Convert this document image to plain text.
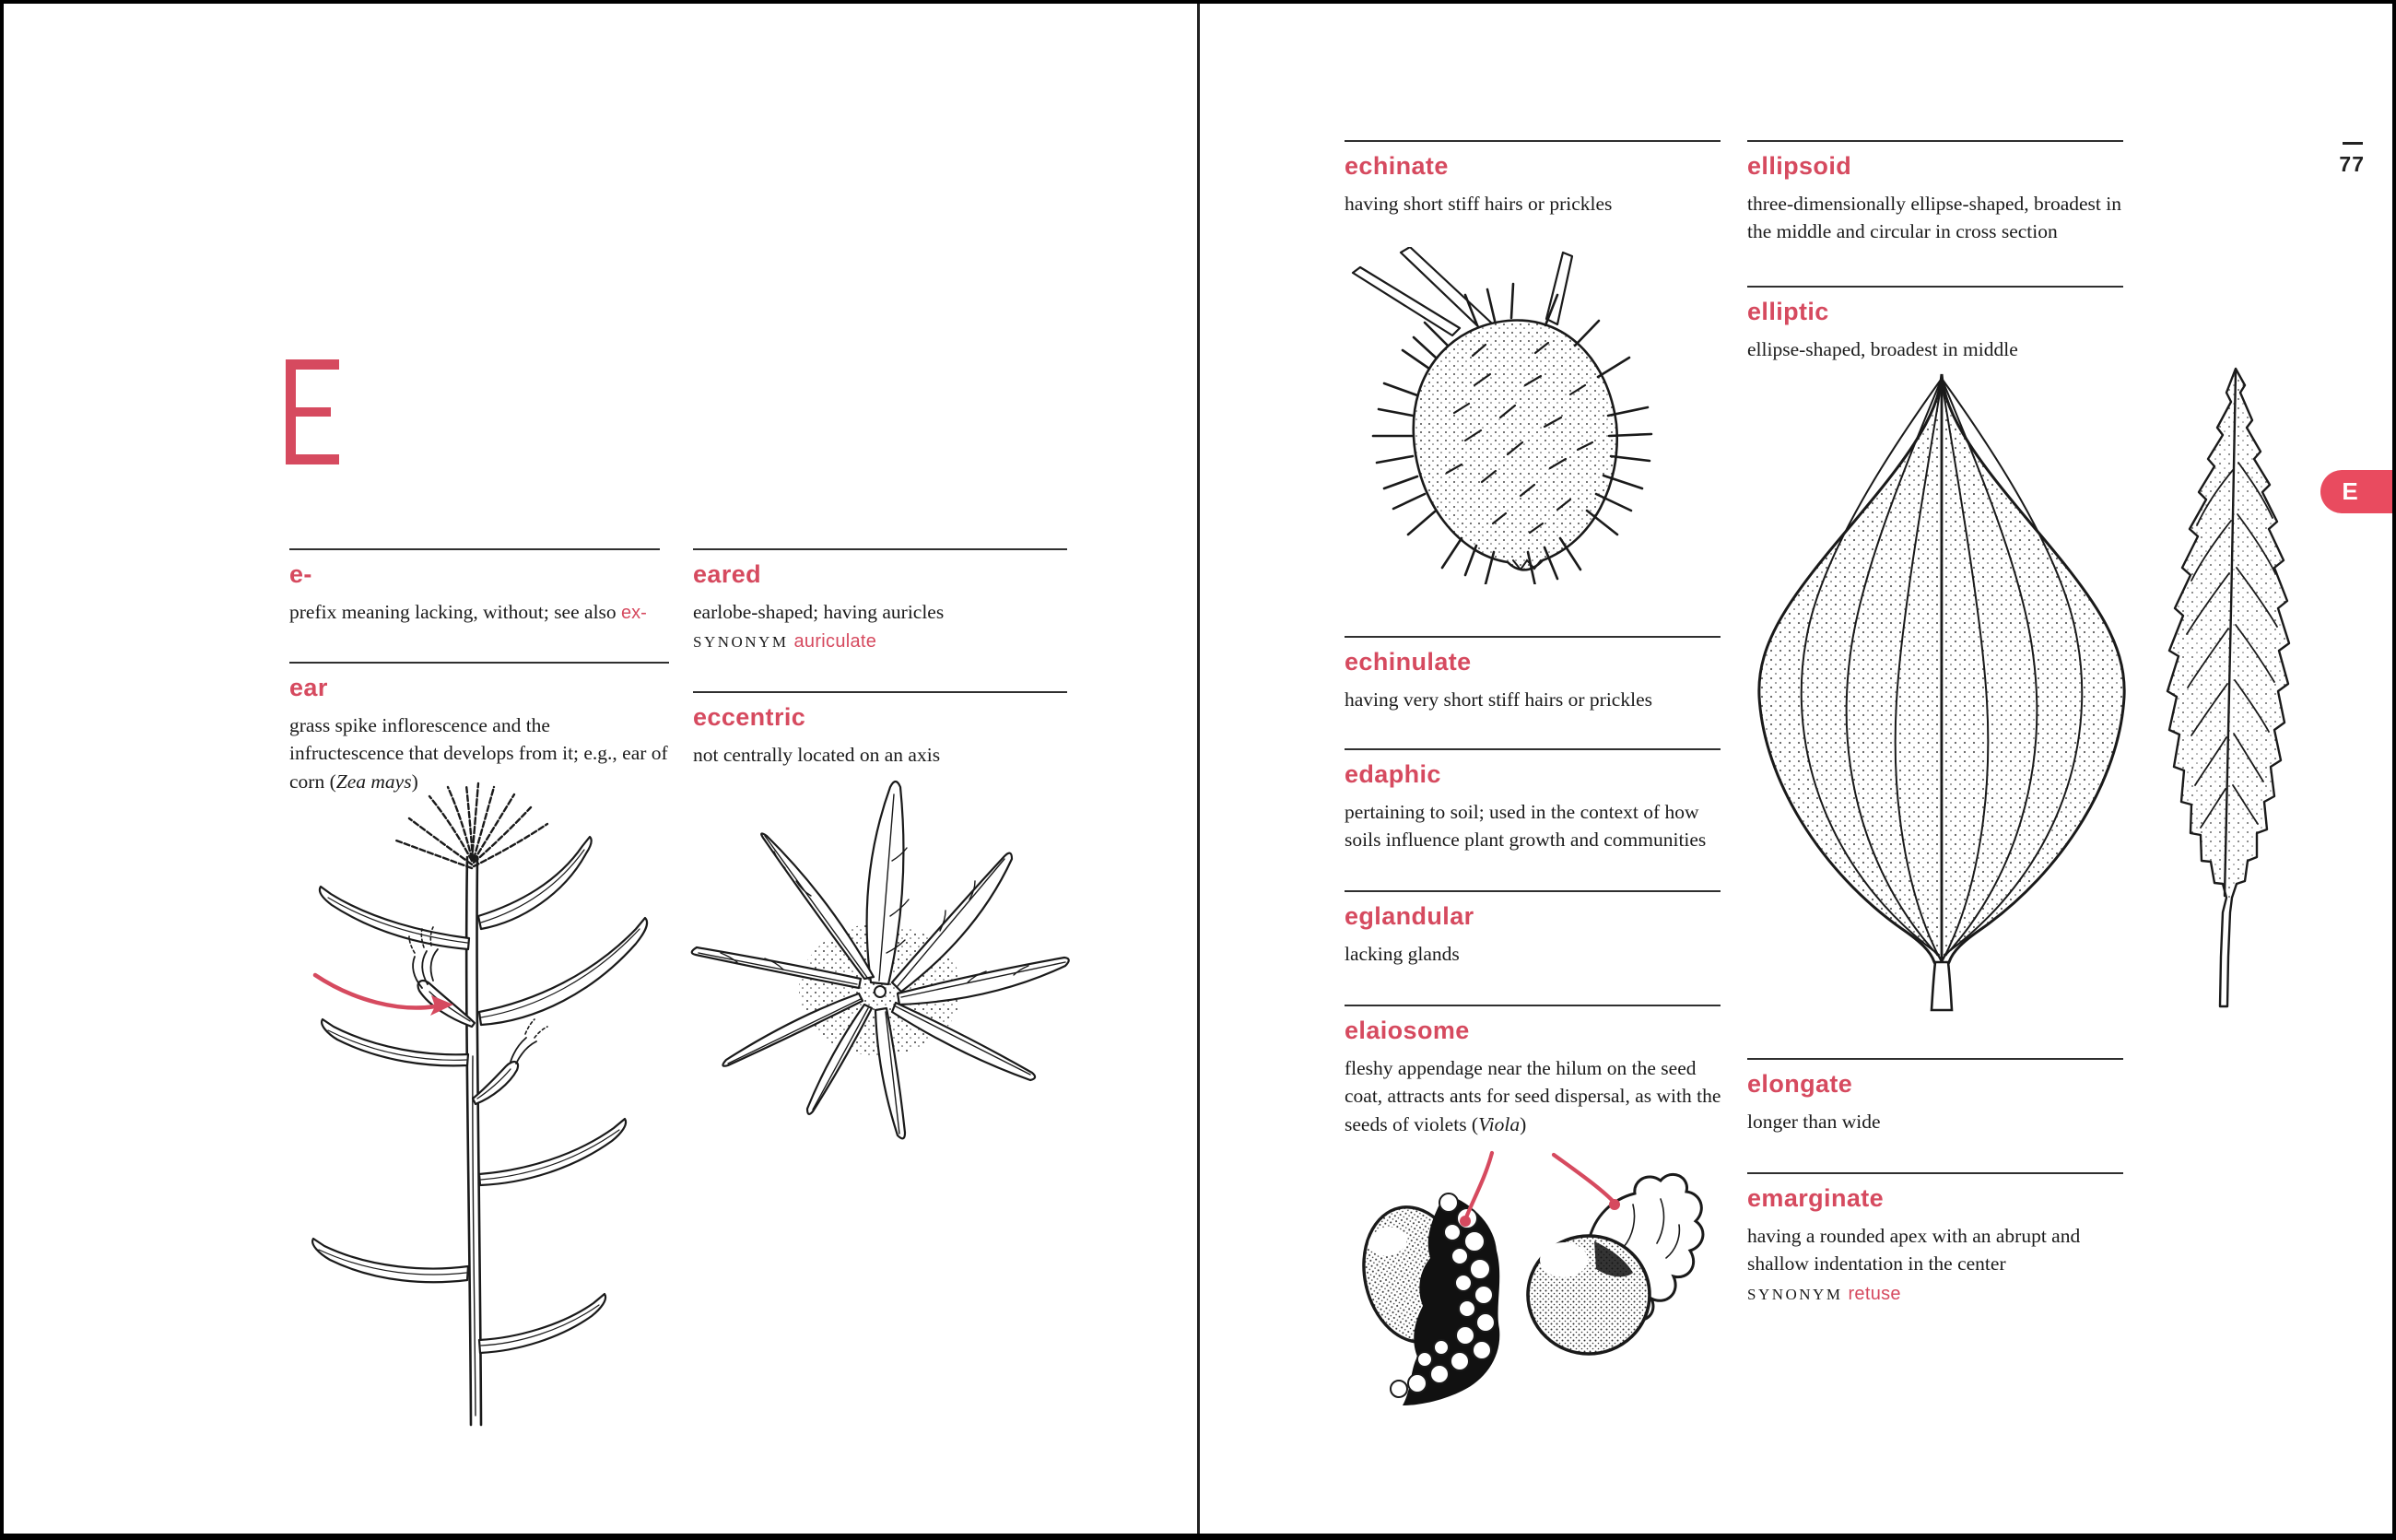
e-

prefix meaning lacking, without; see also ex-

ear

grass spike inflorescence and the infructescence that develops from it; e.g., ear of corn (Zea mays)

eared

earlobe-shaped; having auricles

SYNONYM auriculate

eccentric

not centrally located on an axis

77
E
echinate

having short stiff hairs or prickles

echinulate

having very short stiff hairs or prickles

edaphic

pertaining to soil; used in the context of how soils influence plant growth and communities

eglandular

lacking glands

elaiosome

fleshy appendage near the hilum on the seed coat, attracts ants for seed dispersal, as with the seeds of violets (Viola)

ellipsoid

three-dimensionally ellipse-shaped, broadest in the middle and circular in cross section

elliptic

ellipse-shaped, broadest in middle

elongate

longer than wide

emarginate

having a rounded apex with an abrupt and shallow indentation in the center

SYNONYM retuse
